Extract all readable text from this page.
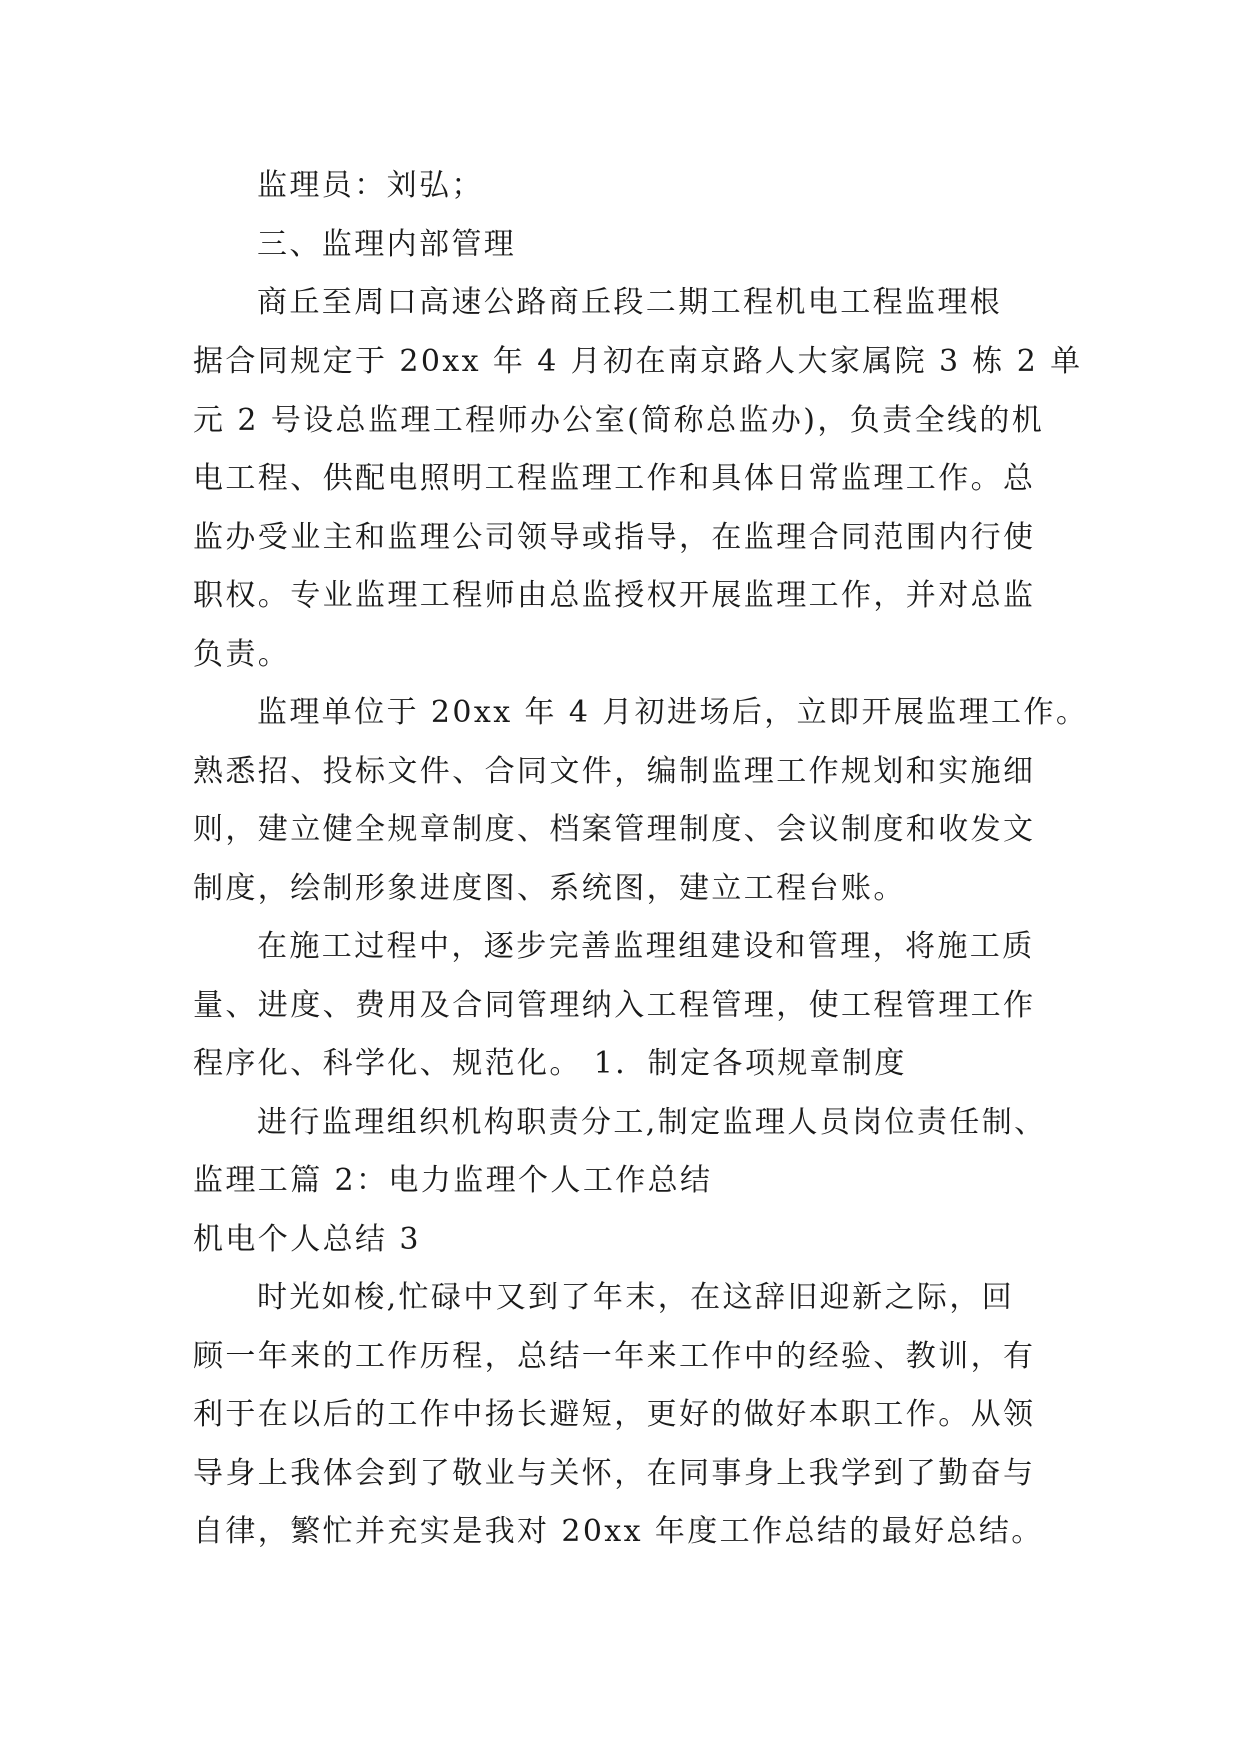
监理员：刘弘；
三、监理内部管理
商丘至周口高速公路商丘段二期工程机电工程监理根
据合同规定于 20xx 年 4 月初在南京路人大家属院 3 栋 2 单
元 2 号设总监理工程师办公室(简称总监办)，负责全线的机
电工程、供配电照明工程监理工作和具体日常监理工作。总
监办受业主和监理公司领导或指导，在监理合同范围内行使
职权。专业监理工程师由总监授权开展监理工作，并对总监
负责。
监理单位于 20xx 年 4 月初进场后，立即开展监理工作。
熟悉招、投标文件、合同文件，编制监理工作规划和实施细
则，建立健全规章制度、档案管理制度、会议制度和收发文
制度，绘制形象进度图、系统图，建立工程台账。
在施工过程中，逐步完善监理组建设和管理，将施工质
量、进度、费用及合同管理纳入工程管理，使工程管理工作
程序化、科学化、规范化。 1．制定各项规章制度
进行监理组织机构职责分工,制定监理人员岗位责任制、
监理工篇 2：电力监理个人工作总结
机电个人总结 3
时光如梭,忙碌中又到了年末，在这辞旧迎新之际，回
顾一年来的工作历程，总结一年来工作中的经验、教训，有
利于在以后的工作中扬长避短，更好的做好本职工作。从领
导身上我体会到了敬业与关怀，在同事身上我学到了勤奋与
自律，繁忙并充实是我对 20xx 年度工作总结的最好总结。
